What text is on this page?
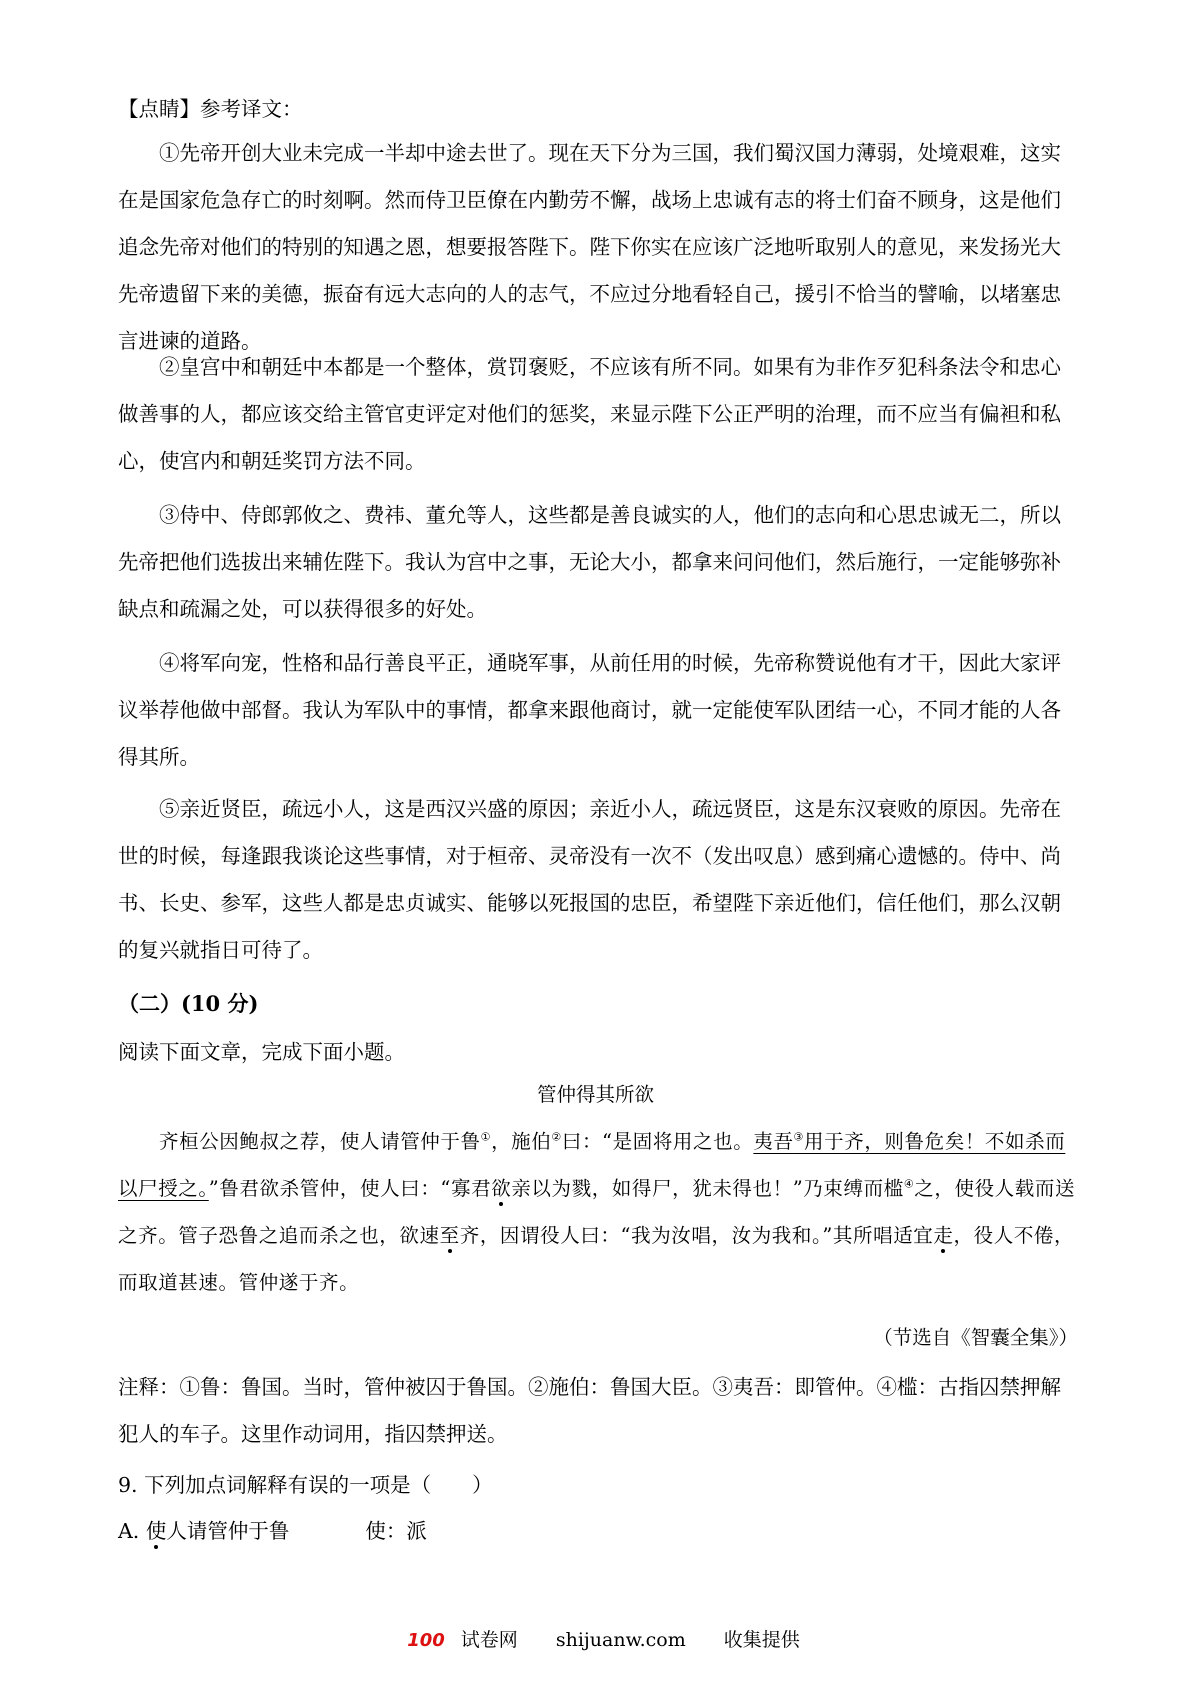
【点睛】参考译文：

①先帝开创大业未完成一半却中途去世了。现在天下分为三国，我们蜀汉国力薄弱，处境艰难，这实在是国家危急存亡的时刻啊。然而侍卫臣僚在内勤劳不懈，战场上忠诚有志的将士们奋不顾身，这是他们追念先帝对他们的特别的知遇之恩，想要报答陛下。陛下你实在应该广泛地听取别人的意见，来发扬光大先帝遗留下来的美德，振奋有远大志向的人的志气，不应过分地看轻自己，援引不恰当的譬喻，以堵塞忠言进谏的道路。

②皇宫中和朝廷中本都是一个整体，赏罚褒贬，不应该有所不同。如果有为非作歹犯科条法令和忠心做善事的人，都应该交给主管官吏评定对他们的惩奖，来显示陛下公正严明的治理，而不应当有偏袒和私心，使宫内和朝廷奖罚方法不同。

③侍中、侍郎郭攸之、费祎、董允等人，这些都是善良诚实的人，他们的志向和心思忠诚无二，所以先帝把他们选拔出来辅佐陛下。我认为宫中之事，无论大小，都拿来问问他们，然后施行，一定能够弥补缺点和疏漏之处，可以获得很多的好处。

④将军向宠，性格和品行善良平正，通晓军事，从前任用的时候，先帝称赞说他有才干，因此大家评议举荐他做中部督。我认为军队中的事情，都拿来跟他商讨，就一定能使军队团结一心，不同才能的人各得其所。

⑤亲近贤臣，疏远小人，这是西汉兴盛的原因；亲近小人，疏远贤臣，这是东汉衰败的原因。先帝在世的时候，每逢跟我谈论这些事情，对于桓帝、灵帝没有一次不（发出叹息）感到痛心遗憾的。侍中、尚书、长史、参军，这些人都是忠贞诚实、能够以死报国的忠臣，希望陛下亲近他们，信任他们，那么汉朝的复兴就指日可待了。

（二）(10 分)

阅读下面文章，完成下面小题。

管仲得其所欲

齐桓公因鲍叔之荐，使人请管仲于鲁①，施伯②曰：“是固将用之也。夷吾③用于齐，则鲁危矣！不如杀而以尸授之。”鲁君欲杀管仲，使人曰：“寡君欲亲以为戮，如得尸，犹未得也！”乃束缚而槛④之，使役人载而送之齐。管子恐鲁之追而杀之也，欲速至齐，因谓役人曰：“我为汝唱，汝为我和。”其所唱适宜走，役人不倦，而取道甚速。管仲遂于齐。

（节选自《智囊全集》）

注释：①鲁：鲁国。当时，管仲被囚于鲁国。②施伯：鲁国大臣。③夷吾：即管仲。④槛：古指囚禁押解犯人的车子。这里作动词用，指囚禁押送。

9. 下列加点词解释有误的一项是（　　）

A. 使人请管仲于鲁	使：派

100 试卷网 shijuanw.com 收集提供
